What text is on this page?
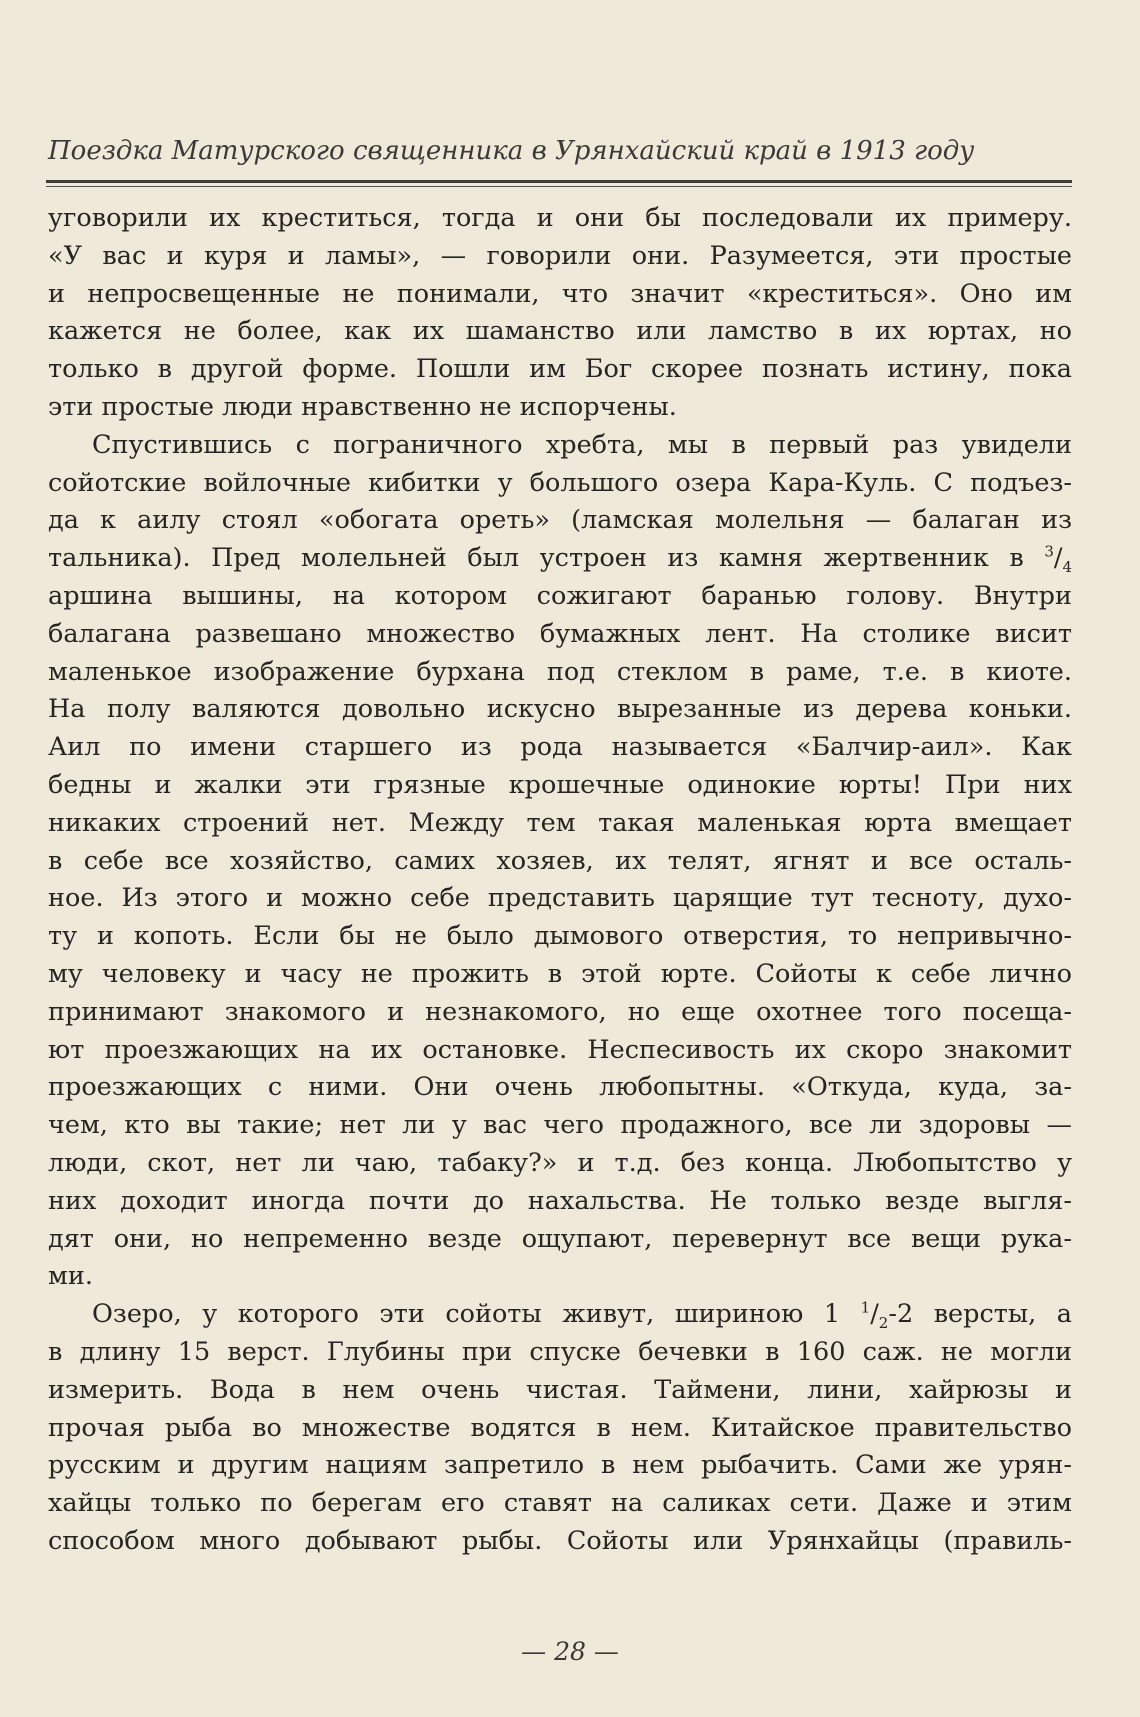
Поездка Матурского священника в Урянхайский край в 1913 году

уговорили их креститься, тогда и они бы последовали их примеру.
«У вас и куря и ламы», — говорили они. Разумеется, эти простые
и непросвещенные не понимали, что значит «креститься». Оно им
кажется не более, как их шаманство или ламство в их юртах, но
только в другой форме. Пошли им Бог скорее познать истину, пока
эти простые люди нравственно не испорчены.

Спустившись с пограничного хребта, мы в первый раз увидели
сойотские войлочные кибитки у большого озера Кара-Куль. С подъез-
да к аилу стоял «обогата ореть» (ламская молельня — балаган из
тальника). Пред молельней был устроен из камня жертвенник в $^3/_4$
аршина вышины, на котором сожигают баранью голову. Внутри
балагана развешано множество бумажных лент. На столике висит
маленькое изображение бурхана под стеклом в раме, т.е. в киоте.
На полу валяются довольно искусно вырезанные из дерева коньки.
Аил по имени старшего из рода называется «Балчир-аил». Как
бедны и жалки эти грязные крошечные одинокие юрты! При них
никаких строений нет. Между тем такая маленькая юрта вмещает
в себе все хозяйство, самих хозяев, их телят, ягнят и все осталь-
ное. Из этого и можно себе представить царящие тут тесноту, духо-
ту и копоть. Если бы не было дымового отверстия, то непривычно-
му человеку и часу не прожить в этой юрте. Сойоты к себе лично
принимают знакомого и незнакомого, но еще охотнее того посеща-
ют проезжающих на их остановке. Неспесивость их скоро знакомит
проезжающих с ними. Они очень любопытны. «Откуда, куда, за-
чем, кто вы такие; нет ли у вас чего продажного, все ли здоровы —
люди, скот, нет ли чаю, табаку?» и т.д. без конца. Любопытство у
них доходит иногда почти до нахальства. Не только везде выгля-
дят они, но непременно везде ощупают, перевернут все вещи рука-
ми.

Озеро, у которого эти сойоты живут, шириною 1 $^1/_2-2$ версты, а
в длину 15 верст. Глубины при спуске бечевки в 160 саж. не могли
измерить. Вода в нем очень чистая. Таймени, лини, хайрюзы и
прочая рыба во множестве водятся в нем. Китайское правительство
русским и другим нациям запретило в нем рыбачить. Сами же урян-
хайцы только по берегам его ставят на саликах сети. Даже и этим
способом много добывают рыбы. Сойоты или Урянхайцы (правиль-

— 28 —
